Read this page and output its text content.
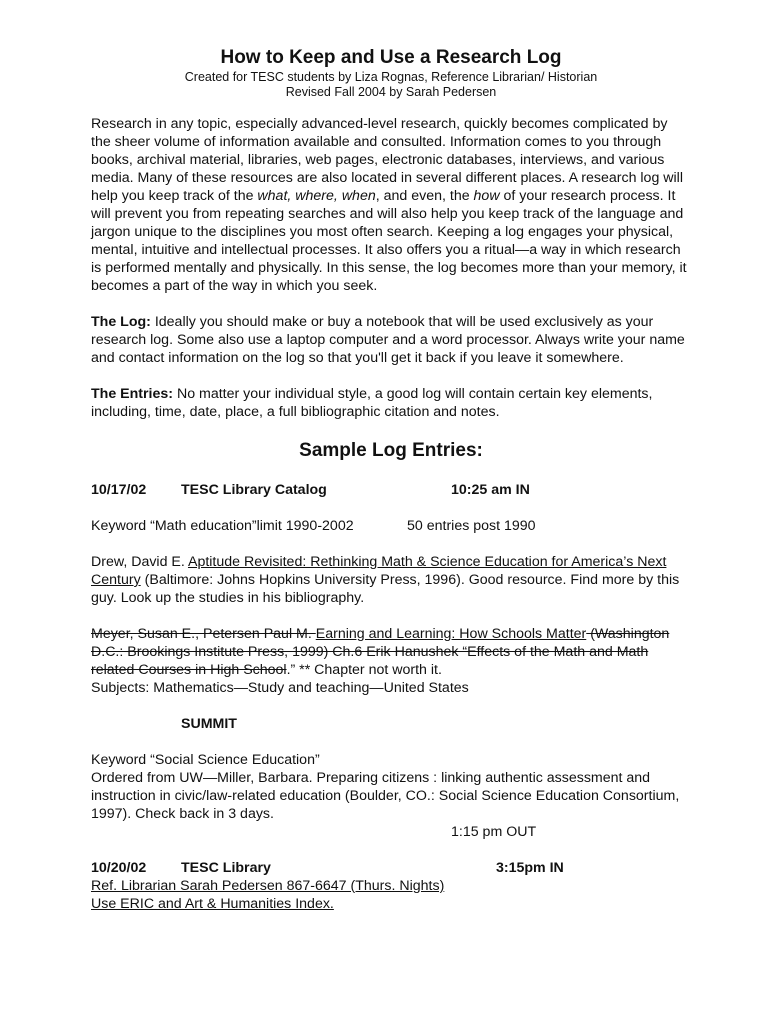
How to Keep and Use a Research Log

Created for TESC students by Liza Rognas, Reference Librarian/ Historian

Revised Fall 2004 by Sarah Pedersen

Research in any topic, especially advanced-level research, quickly becomes complicated by the sheer volume of information available and consulted. Information comes to you through books, archival material, libraries, web pages, electronic databases, interviews, and various media. Many of these resources are also located in several different places. A research log will help you keep track of the what, where, when, and even, the how of your research process. It will prevent you from repeating searches and will also help you keep track of the language and jargon unique to the disciplines you most often search. Keeping a log engages your physical, mental, intuitive and intellectual processes. It also offers you a ritual—a way in which research is performed mentally and physically. In this sense, the log becomes more than your memory, it becomes a part of the way in which you seek.

The Log: Ideally you should make or buy a notebook that will be used exclusively as your research log. Some also use a laptop computer and a word processor. Always write your name and contact information on the log so that you'll get it back if you leave it somewhere.

The Entries: No matter your individual style, a good log will contain certain key elements, including, time, date, place, a full bibliographic citation and notes.

Sample Log Entries:
10/17/02 TESC Library Catalog	10:25 am IN
Keyword “Math education”limit 1990-2002	50 entries post 1990

Drew, David E. Aptitude Revisited: Rethinking Math & Science Education for America’s Next Century (Baltimore: Johns Hopkins University Press, 1996). Good resource. Find more by this guy. Look up the studies in his bibliography.

Meyer, Susan E., Petersen Paul M. Earning and Learning: How Schools Matter (Washington D.C.: Brookings Institute Press, 1999) Ch.6 Erik Hanushek “Effects of the Math and Math related Courses in High School.” ** Chapter not worth it.

Subjects: Mathematics—Study and teaching—United States

SUMMIT

Keyword “Social Science Education”

Ordered from UW—Miller, Barbara. Preparing citizens : linking authentic assessment and instruction in civic/law-related education (Boulder, CO.: Social Science Education Consortium, 1997). Check back in 3 days.

1:15 pm OUT
10/20/02 TESC Library	3:15pm IN

Ref. Librarian Sarah Pedersen 867-6647 (Thurs. Nights)

Use ERIC and Art & Humanities Index.
